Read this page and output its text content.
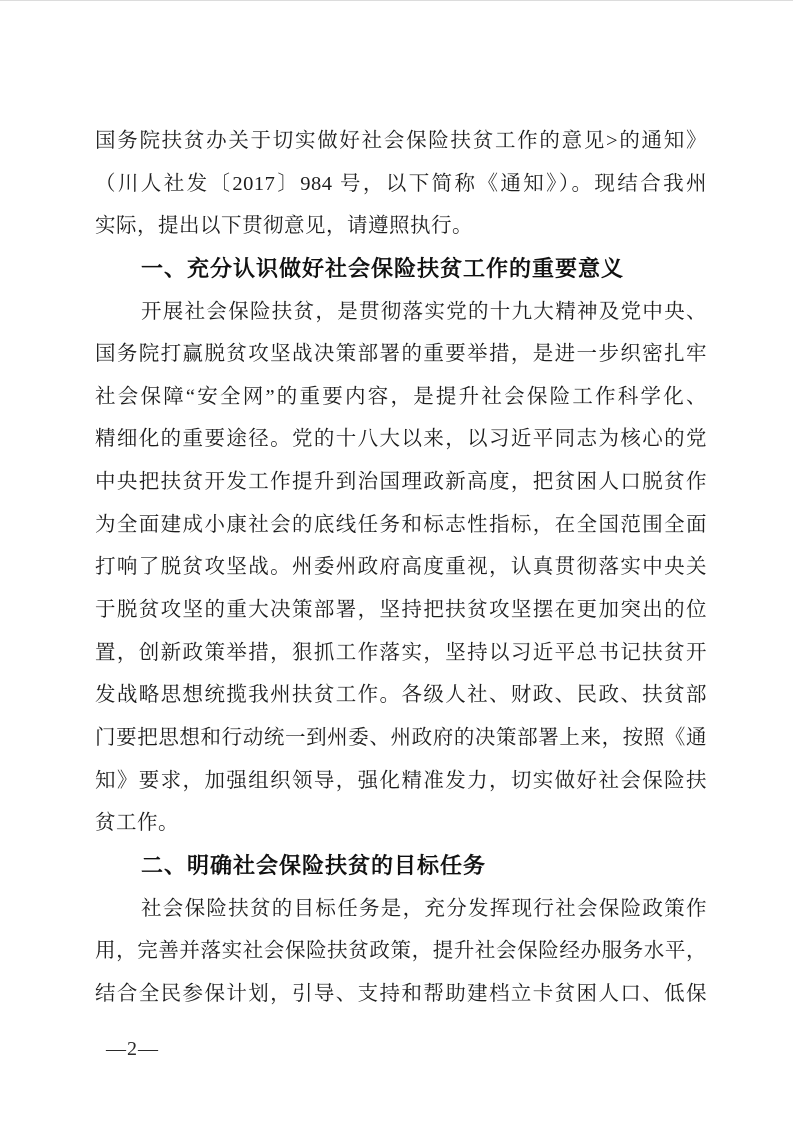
国务院扶贫办关于切实做好社会保险扶贫工作的意见>的通知》
（川人社发〔2017〕984 号，以下简称《通知》）。现结合我州
实际，提出以下贯彻意见，请遵照执行。
一、充分认识做好社会保险扶贫工作的重要意义
开展社会保险扶贫，是贯彻落实党的十九大精神及党中央、
国务院打赢脱贫攻坚战决策部署的重要举措，是进一步织密扎牢
社会保障“安全网”的重要内容，是提升社会保险工作科学化、
精细化的重要途径。党的十八大以来，以习近平同志为核心的党
中央把扶贫开发工作提升到治国理政新高度，把贫困人口脱贫作
为全面建成小康社会的底线任务和标志性指标，在全国范围全面
打响了脱贫攻坚战。州委州政府高度重视，认真贯彻落实中央关
于脱贫攻坚的重大决策部署，坚持把扶贫攻坚摆在更加突出的位
置，创新政策举措，狠抓工作落实，坚持以习近平总书记扶贫开
发战略思想统揽我州扶贫工作。各级人社、财政、民政、扶贫部
门要把思想和行动统一到州委、州政府的决策部署上来，按照《通
知》要求，加强组织领导，强化精准发力，切实做好社会保险扶
贫工作。
二、明确社会保险扶贫的目标任务
社会保险扶贫的目标任务是，充分发挥现行社会保险政策作
用，完善并落实社会保险扶贫政策，提升社会保险经办服务水平，
结合全民参保计划，引导、支持和帮助建档立卡贫困人口、低保
—2—
